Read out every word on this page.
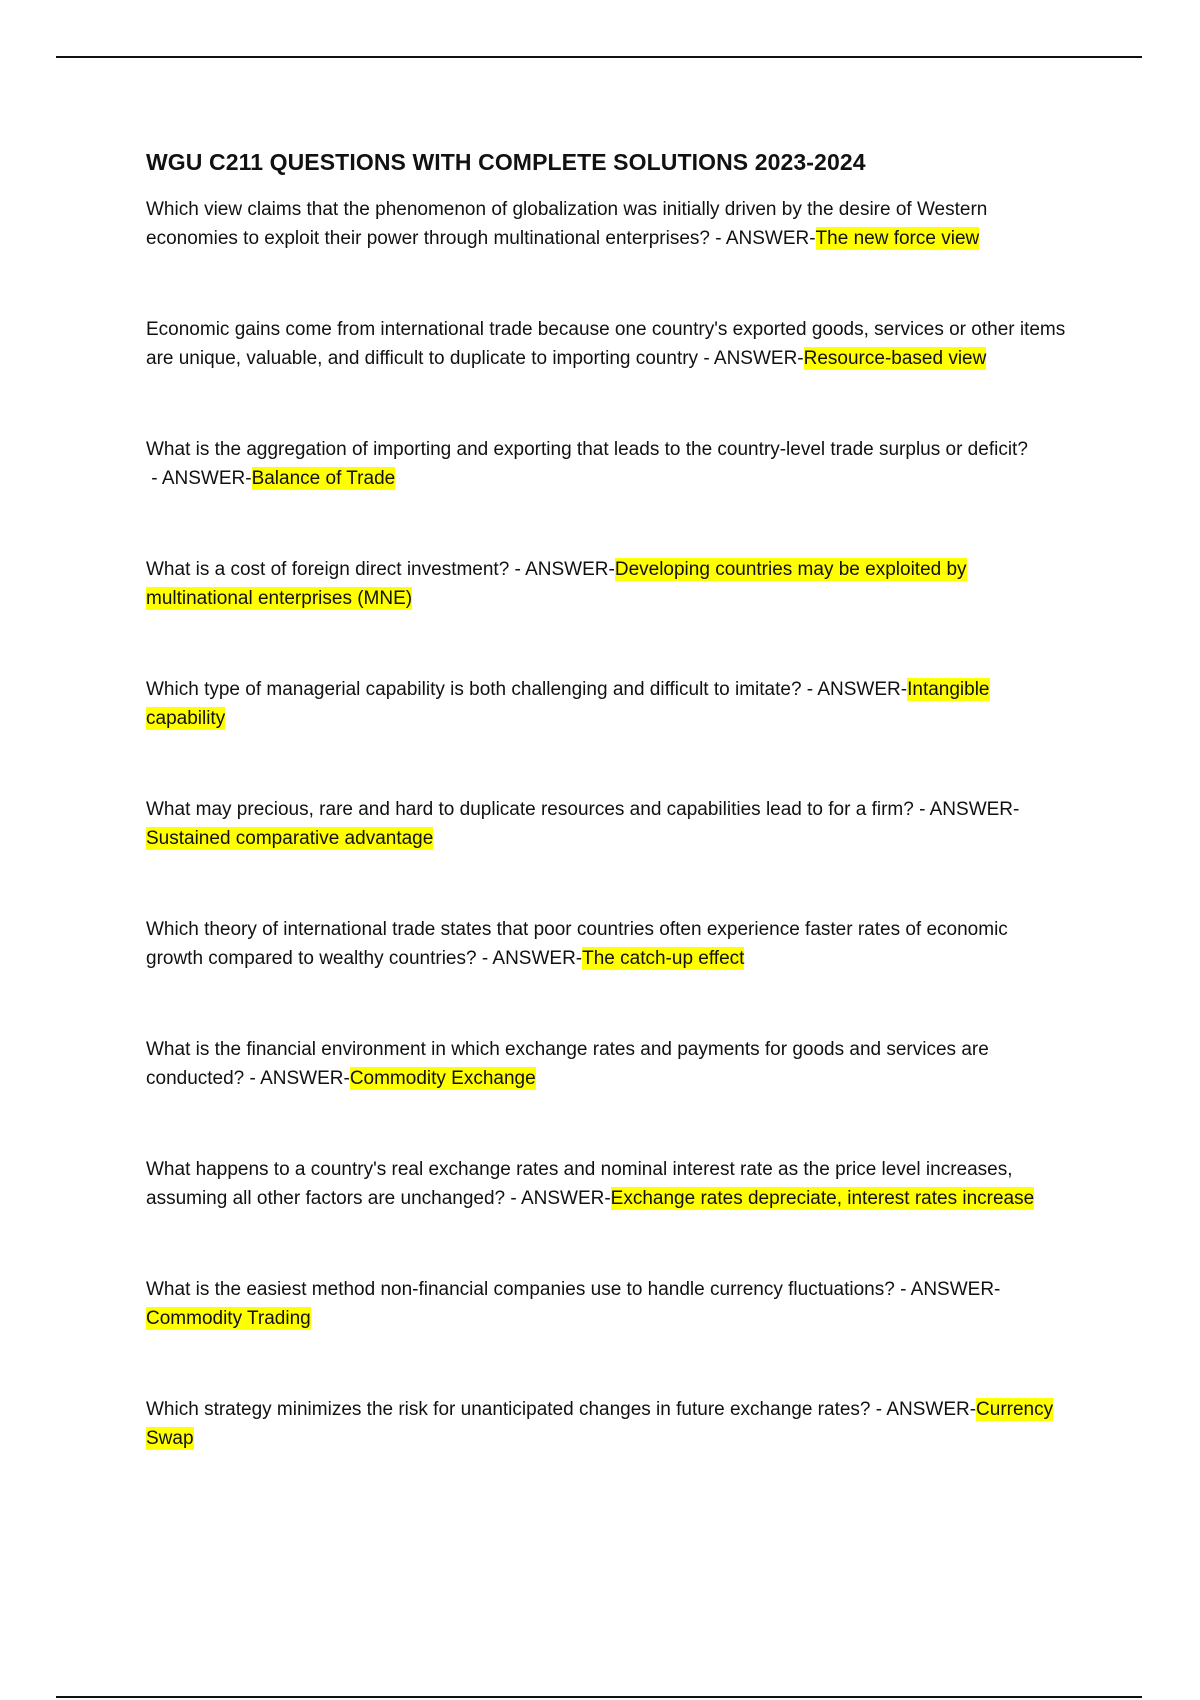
WGU C211 QUESTIONS WITH COMPLETE SOLUTIONS 2023-2024
Which view claims that the phenomenon of globalization was initially driven by the desire of Western economies to exploit their power through multinational enterprises? - ANSWER-The new force view
Economic gains come from international trade because one country's exported goods, services or other items are unique, valuable, and difficult to duplicate to importing country - ANSWER-Resource-based view
What is the aggregation of importing and exporting that leads to the country-level trade surplus or deficit? - ANSWER-Balance of Trade
What is a cost of foreign direct investment? - ANSWER-Developing countries may be exploited by multinational enterprises (MNE)
Which type of managerial capability is both challenging and difficult to imitate? - ANSWER-Intangible capability
What may precious, rare and hard to duplicate resources and capabilities lead to for a firm? - ANSWER-Sustained comparative advantage
Which theory of international trade states that poor countries often experience faster rates of economic growth compared to wealthy countries? - ANSWER-The catch-up effect
What is the financial environment in which exchange rates and payments for goods and services are conducted? - ANSWER-Commodity Exchange
What happens to a country's real exchange rates and nominal interest rate as the price level increases, assuming all other factors are unchanged? - ANSWER-Exchange rates depreciate, interest rates increase
What is the easiest method non-financial companies use to handle currency fluctuations? - ANSWER-Commodity Trading
Which strategy minimizes the risk for unanticipated changes in future exchange rates? - ANSWER-Currency Swap
